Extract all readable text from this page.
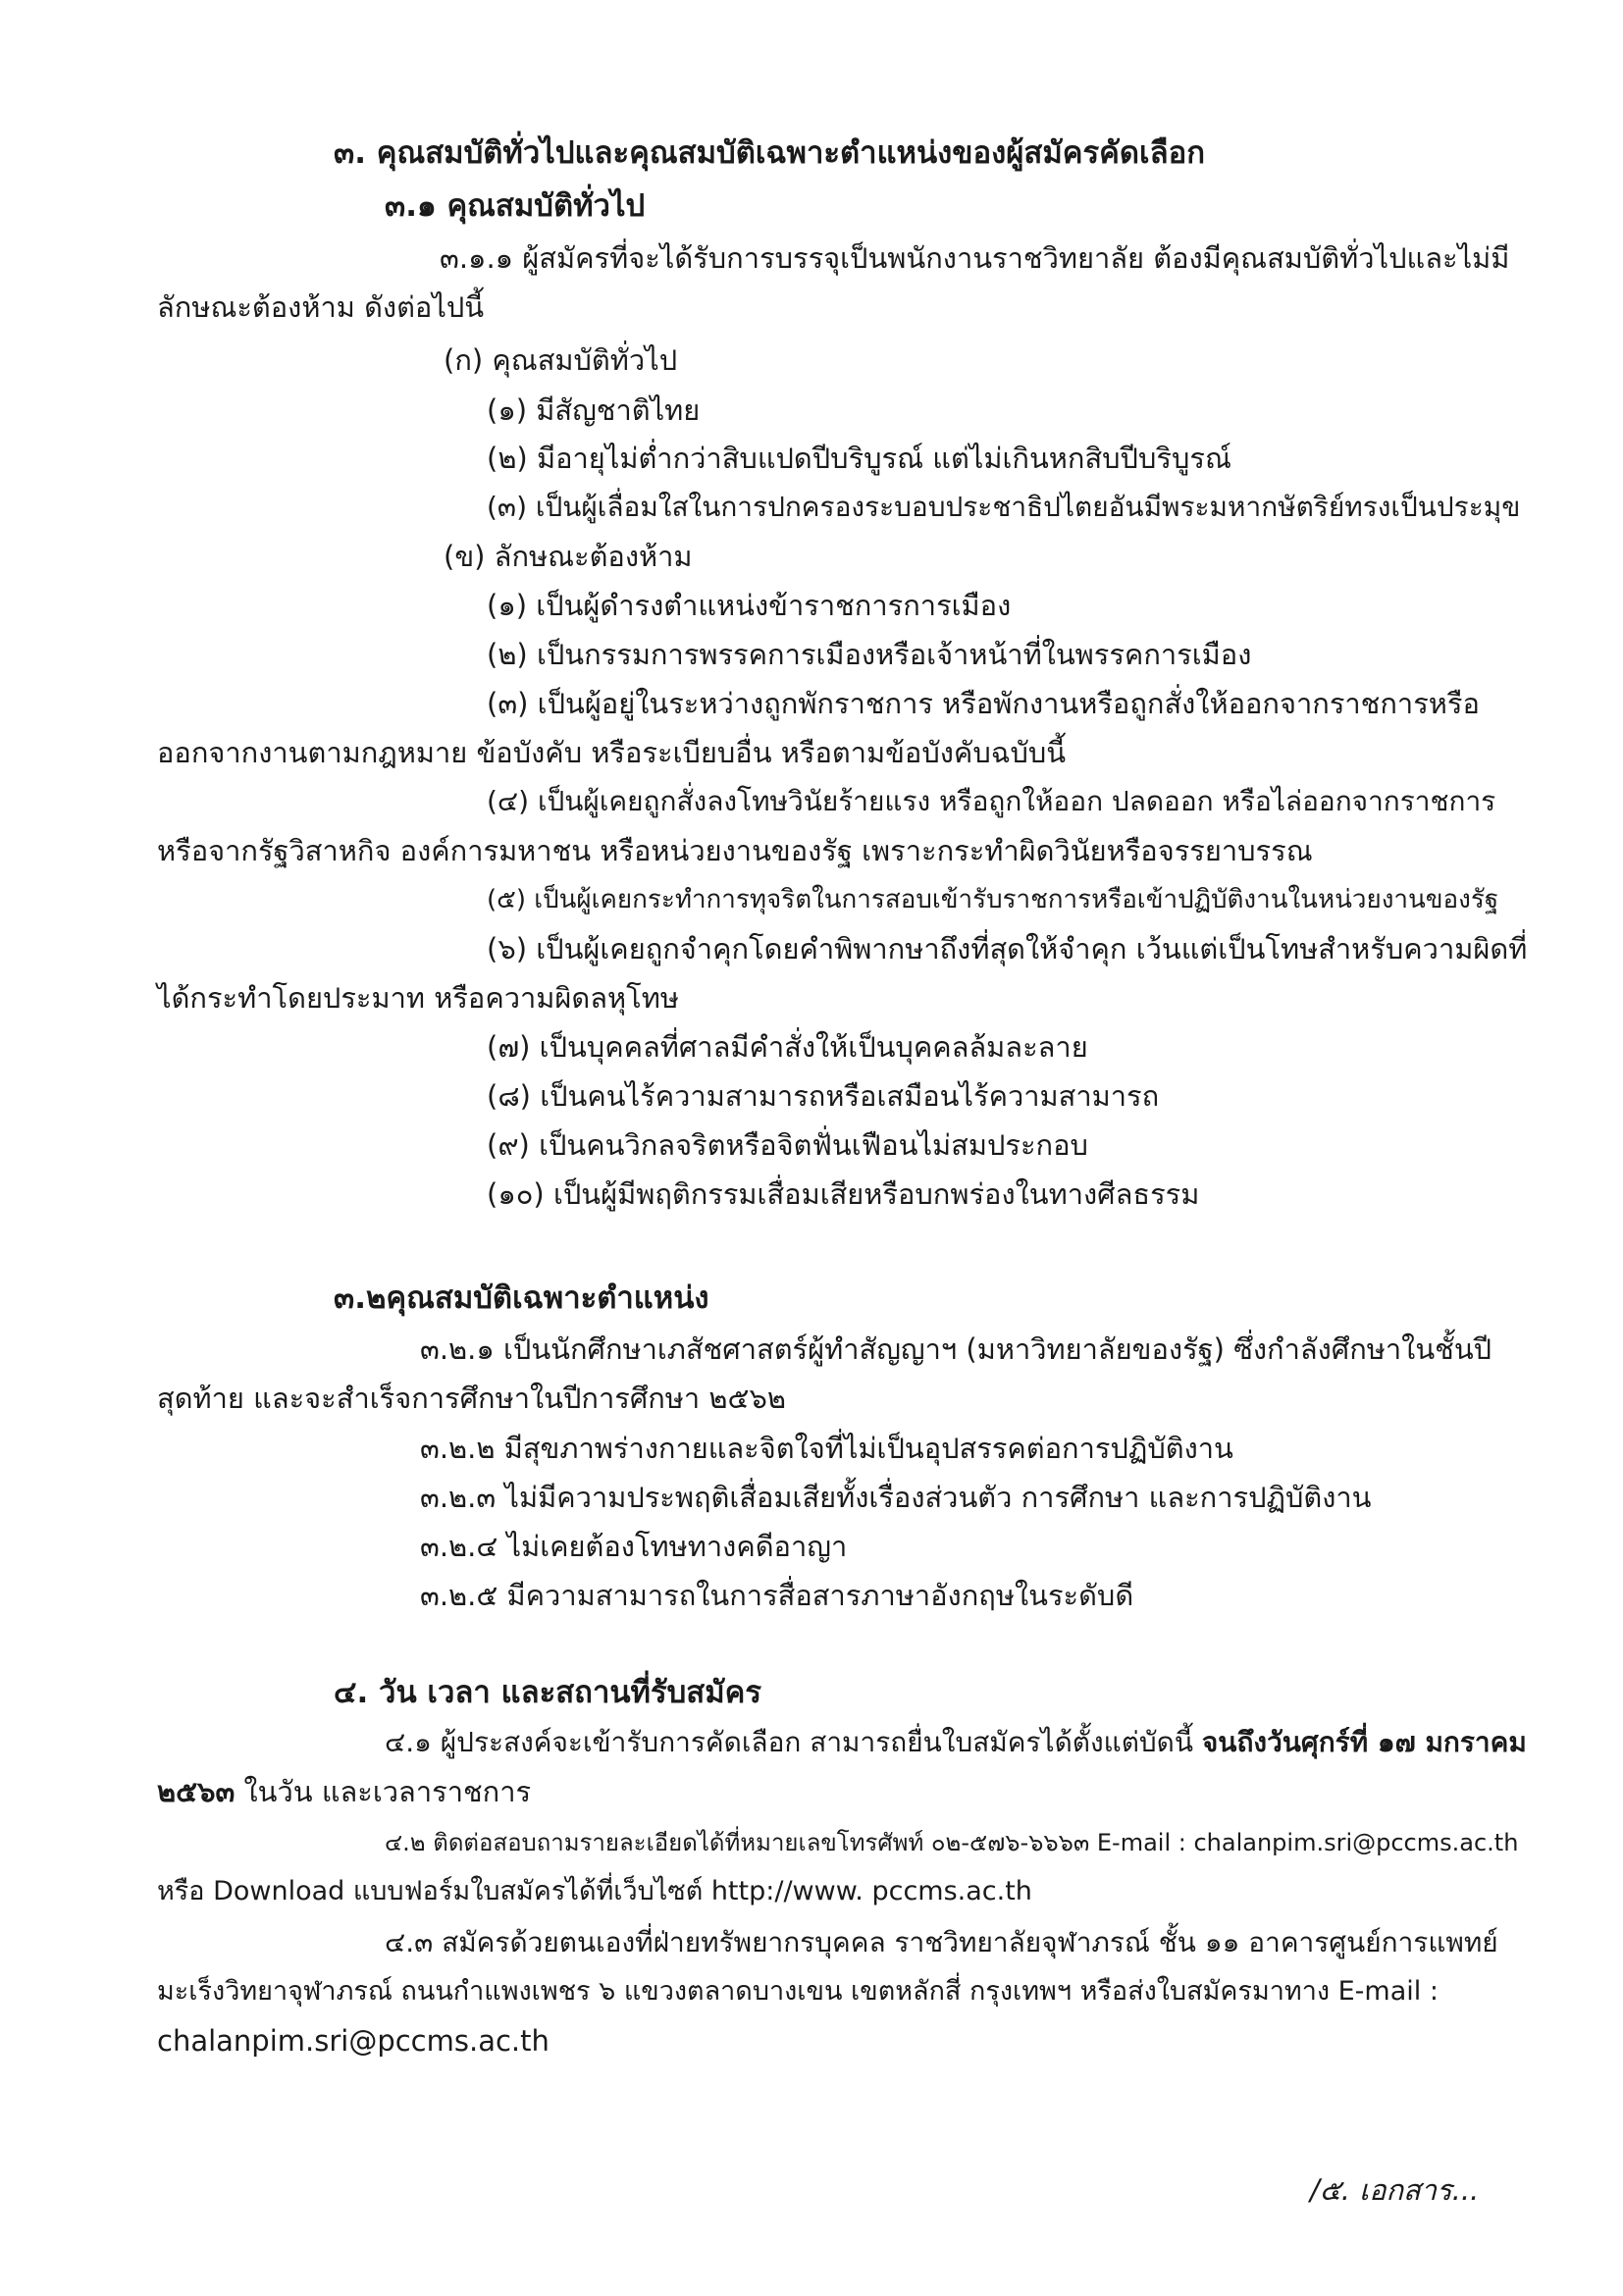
๓. คุณสมบัติทั่วไปและคุณสมบัติเฉพาะตำแหน่งของผู้สมัครคัดเลือก
๓.๑ คุณสมบัติทั่วไป
๓.๑.๑ ผู้สมัครที่จะได้รับการบรรจุเป็นพนักงานราชวิทยาลัย ต้องมีคุณสมบัติทั่วไปและไม่มี
ลักษณะต้องห้าม ดังต่อไปนี้
(ก) คุณสมบัติทั่วไป
(๑) มีสัญชาติไทย
(๒) มีอายุไม่ต่ำกว่าสิบแปดปีบริบูรณ์ แต่ไม่เกินหกสิบปีบริบูรณ์
(๓) เป็นผู้เลื่อมใสในการปกครองระบอบประชาธิปไตยอันมีพระมหากษัตริย์ทรงเป็นประมุข
(ข) ลักษณะต้องห้าม
(๑) เป็นผู้ดำรงตำแหน่งข้าราชการการเมือง
(๒) เป็นกรรมการพรรคการเมืองหรือเจ้าหน้าที่ในพรรคการเมือง
(๓) เป็นผู้อยู่ในระหว่างถูกพักราชการ หรือพักงานหรือถูกสั่งให้ออกจากราชการหรือ
ออกจากงานตามกฎหมาย ข้อบังคับ หรือระเบียบอื่น หรือตามข้อบังคับฉบับนี้
(๔) เป็นผู้เคยถูกสั่งลงโทษวินัยร้ายแรง หรือถูกให้ออก ปลดออก หรือไล่ออกจากราชการ
หรือจากรัฐวิสาหกิจ องค์การมหาชน หรือหน่วยงานของรัฐ เพราะกระทำผิดวินัยหรือจรรยาบรรณ
(๕) เป็นผู้เคยกระทำการทุจริตในการสอบเข้ารับราชการหรือเข้าปฏิบัติงานในหน่วยงานของรัฐ
(๖) เป็นผู้เคยถูกจำคุกโดยคำพิพากษาถึงที่สุดให้จำคุก เว้นแต่เป็นโทษสำหรับความผิดที่
ได้กระทำโดยประมาท หรือความผิดลหุโทษ
(๗) เป็นบุคคลที่ศาลมีคำสั่งให้เป็นบุคคลล้มละลาย
(๘) เป็นคนไร้ความสามารถหรือเสมือนไร้ความสามารถ
(๙) เป็นคนวิกลจริตหรือจิตฟั่นเฟือนไม่สมประกอบ
(๑๐) เป็นผู้มีพฤติกรรมเสื่อมเสียหรือบกพร่องในทางศีลธรรม
๓.๒คุณสมบัติเฉพาะตำแหน่ง
๓.๒.๑ เป็นนักศึกษาเภสัชศาสตร์ผู้ทำสัญญาฯ (มหาวิทยาลัยของรัฐ) ซึ่งกำลังศึกษาในชั้นปี
สุดท้าย และจะสำเร็จการศึกษาในปีการศึกษา ๒๕๖๒
๓.๒.๒ มีสุขภาพร่างกายและจิตใจที่ไม่เป็นอุปสรรคต่อการปฏิบัติงาน
๓.๒.๓ ไม่มีความประพฤติเสื่อมเสียทั้งเรื่องส่วนตัว การศึกษา และการปฏิบัติงาน
๓.๒.๔ ไม่เคยต้องโทษทางคดีอาญา
๓.๒.๕ มีความสามารถในการสื่อสารภาษาอังกฤษในระดับดี
๔. วัน เวลา และสถานที่รับสมัคร
๔.๑ ผู้ประสงค์จะเข้ารับการคัดเลือก สามารถยื่นใบสมัครได้ตั้งแต่บัดนี้ จนถึงวันศุกร์ที่ ๑๗ มกราคม
๒๕๖๓ ในวัน และเวลาราชการ
๔.๒ ติดต่อสอบถามรายละเอียดได้ที่หมายเลขโทรศัพท์ ๐๒-๕๗๖-๖๖๖๓ E-mail : chalanpim.sri@pccms.ac.th
หรือ Download แบบฟอร์มใบสมัครได้ที่เว็บไซต์ http://www. pccms.ac.th
๔.๓ สมัครด้วยตนเองที่ฝ่ายทรัพยากรบุคคล ราชวิทยาลัยจุฬาภรณ์ ชั้น ๑๑ อาคารศูนย์การแพทย์
มะเร็งวิทยาจุฬาภรณ์ ถนนกำแพงเพชร ๖ แขวงตลาดบางเขน เขตหลักสี่ กรุงเทพฯ หรือส่งใบสมัครมาทาง E-mail :
chalanpim.sri@pccms.ac.th
/๕. เอกสาร...
